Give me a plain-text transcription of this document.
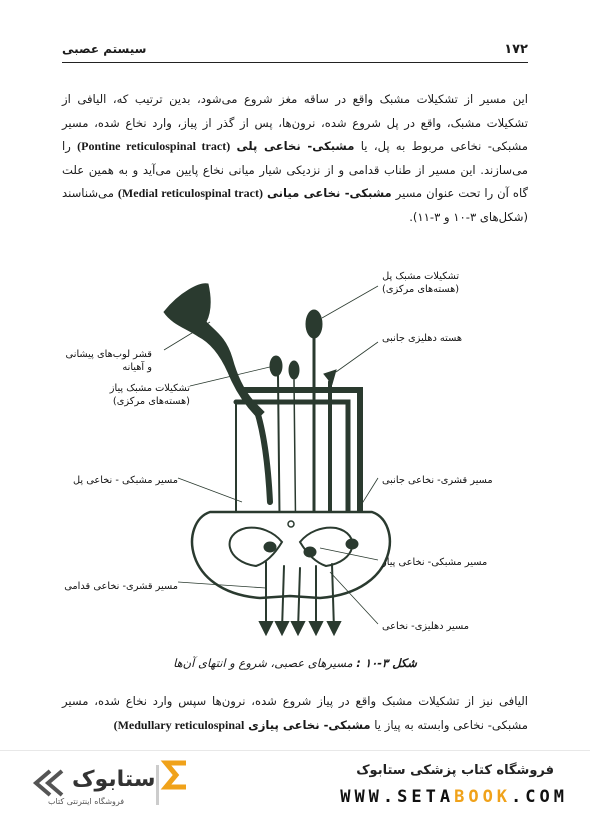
۱۷۲
سیستم عصبی
این مسیر از تشکیلات مشبک واقع در ساقه مغز شروع می‌شود، بدین ترتیب که، الیافی از تشکیلات مشبک، واقع در پل شروع شده، نرون‌ها، پس از گذر از پیاز، وارد نخاع شده، مسیر مشبکی- نخاعی مربوط به پل، یا مشبکی- نخاعی پلی (Pontine reticulospinal tract) را می‌سازند. این مسیر از طناب قدامی و از نزدیکی شیار میانی نخاع پایین می‌آید و به همین علت گاه آن را تحت عنوان مسیر مشبکی- نخاعی میانی (Medial reticulospinal tract) می‌شناسند (شکل‌های ۳-۱۰ و ۳-۱۱).
تشکیلات مشبک پل
(هسته‌های مرکزی)
هسته دهلیزی جانبی
قشر لوب‌های پیشانی
و آهیانه
تشکیلات مشبک پیاز
(هسته‌های مرکزی)
مسیر مشبکی - نخاعی پل	مسیر قشری- نخاعی جانبی
مسیر مشبکی- نخاعی پیاز
مسیر قشری- نخاعی قدامی
مسیر دهلیزی- نخاعی
شکل ۳-۱۰ : مسیرهای عصبی، شروع و انتهای آن‌ها
الیافی نیز از تشکیلات مشبک واقع در پیاز شروع شده، نرون‌ها سپس وارد نخاع شده، مسیر مشبکی- نخاعی وابسته به پیاز یا مشبکی- نخاعی پیازی (Medullary reticulospinal
ستابوک
فروشگاه اینترنتی کتاب
فروشگاه کتاب پزشکی ستابوک
WWW.SETABOOK.COM
